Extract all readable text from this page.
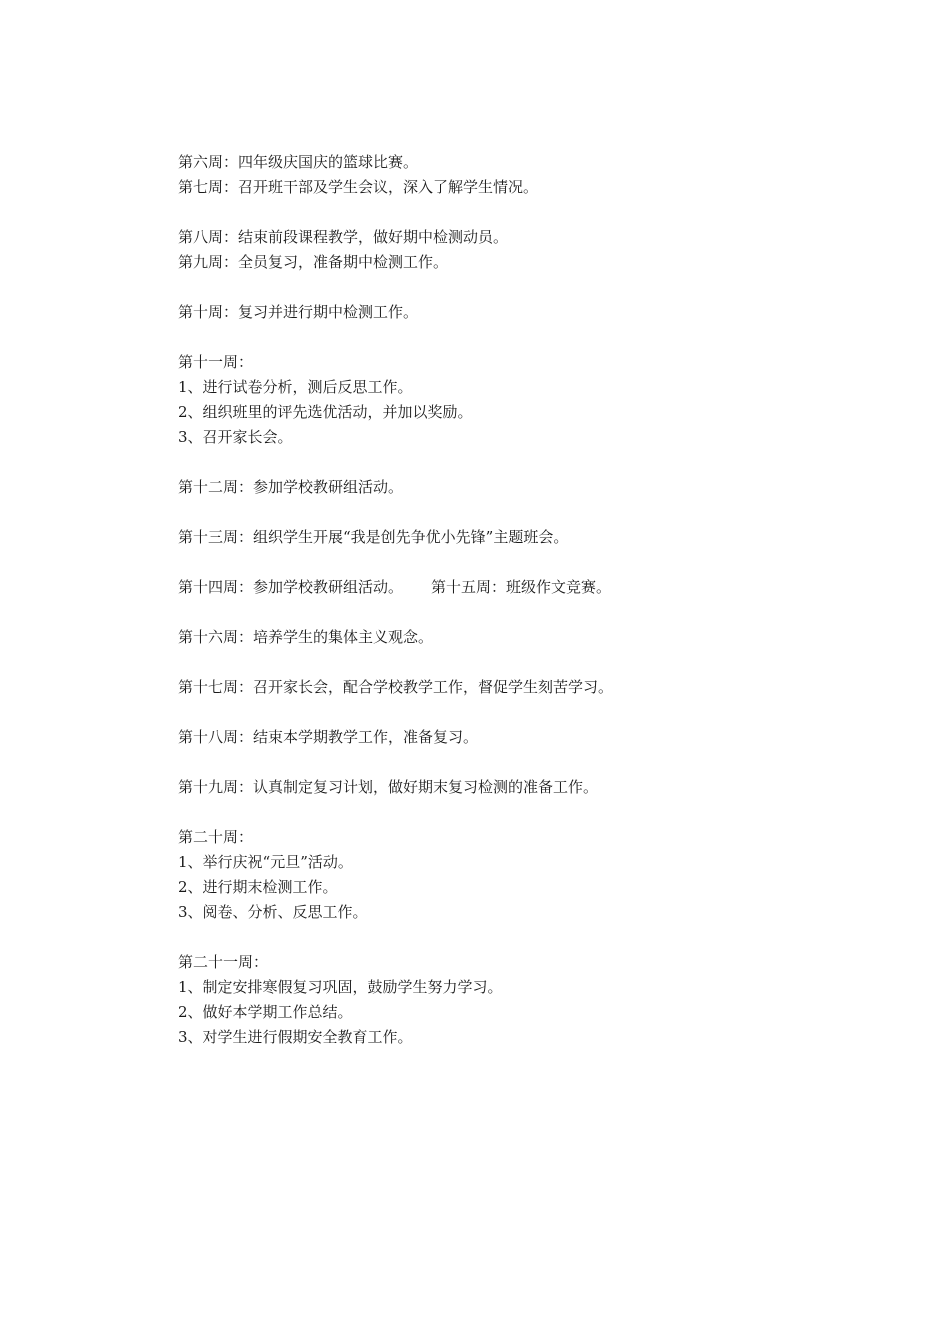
第六周：四年级庆国庆的篮球比赛。
第七周：召开班干部及学生会议，深入了解学生情况。
第八周：结束前段课程教学，做好期中检测动员。
第九周：全员复习，准备期中检测工作。
第十周：复习并进行期中检测工作。
第十一周：
1、进行试卷分析，测后反思工作。
2、组织班里的评先选优活动，并加以奖励。
3、召开家长会。
第十二周：参加学校教研组活动。
第十三周：组织学生开展“我是创先争优小先锋”主题班会。
第十四周：参加学校教研组活动。 第十五周：班级作文竞赛。
第十六周：培养学生的集体主义观念。
第十七周：召开家长会，配合学校教学工作，督促学生刻苦学习。
第十八周：结束本学期教学工作，准备复习。
第十九周：认真制定复习计划，做好期末复习检测的准备工作。
第二十周：
1、举行庆祝“元旦”活动。
2、进行期末检测工作。
3、阅卷、分析、反思工作。
第二十一周：
1、制定安排寒假复习巩固，鼓励学生努力学习。
2、做好本学期工作总结。
3、对学生进行假期安全教育工作。
